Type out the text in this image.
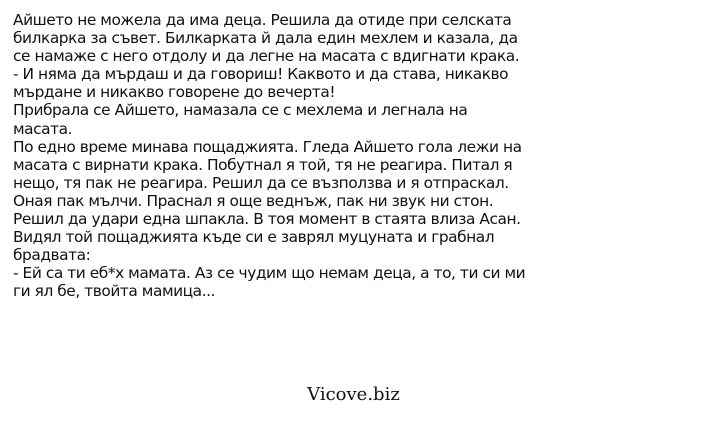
Айшето не можела да има деца. Решила да отиде при селската
билкарка за съвет. Билкарката й дала един мехлем и казала, да
се намаже с него отдолу и да легне на масата с вдигнати крака.
- И няма да мърдаш и да говориш! Каквото и да става, никакво
мърдане и никакво говорене до вечерта!
Прибрала се Айшето, намазала се с мехлема и легнала на
масата.
По едно време минава пощаджията. Гледа Айшето гола лежи на
масата с вирнати крака. Побутнал я той, тя не реагира. Питал я
нещо, тя пак не реагира. Решил да се възползва и я отпраскал.
Оная пак мълчи. Праснал я още веднъж, пак ни звук ни стон.
Решил да удари една шпакла. В тоя момент в стаята влиза Асан.
Видял той пощаджията къде си е заврял муцуната и грабнал
брадвата:
- Ей са ти еб*х мамата. Аз се чудим що немам деца, а то, ти си ми
ги ял бе, твойта мамица...
Vicove.biz
